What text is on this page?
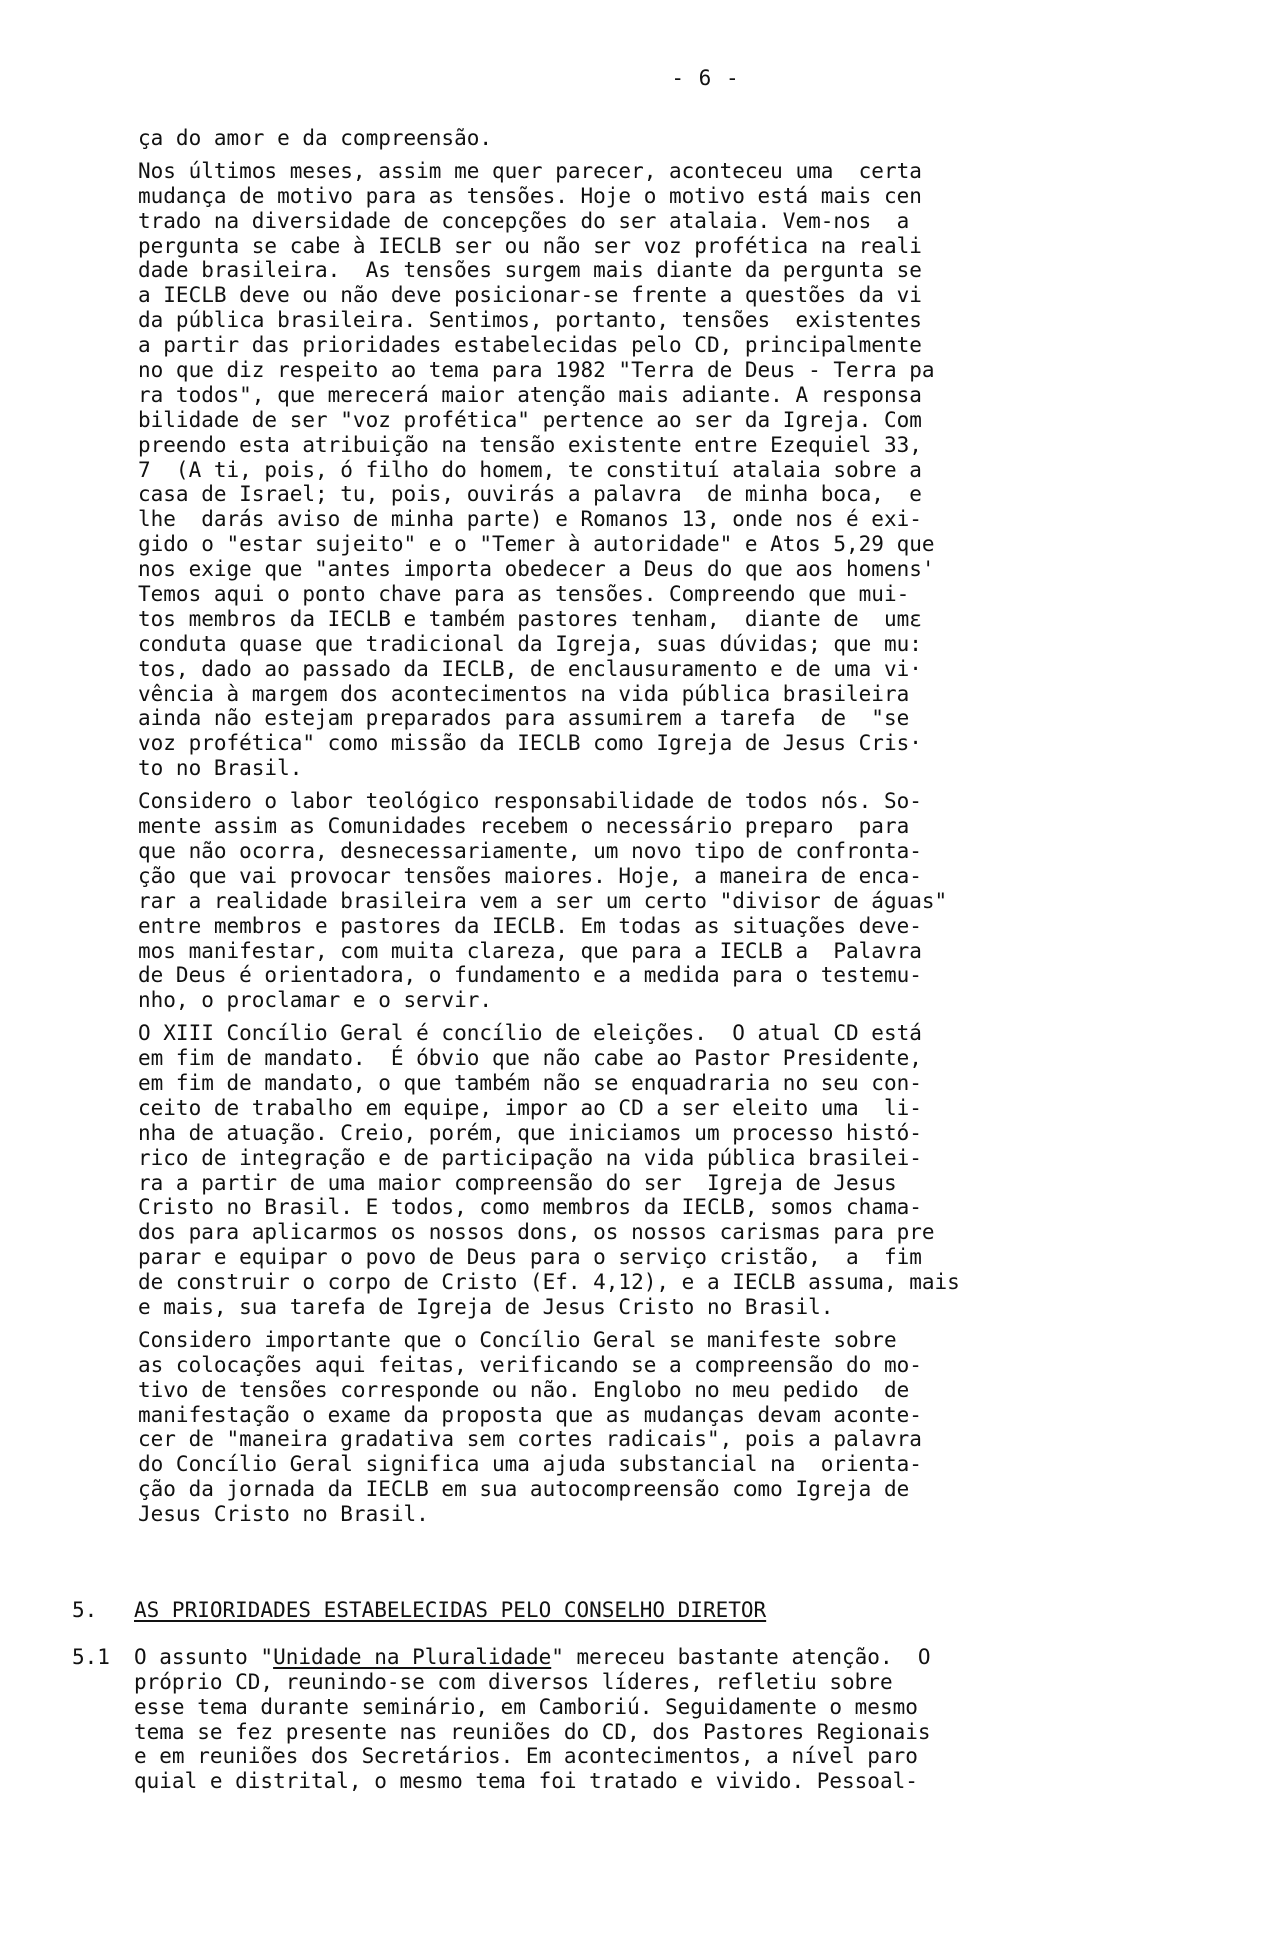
- 6 -
ça do amor e da compreensão.
Nos últimos meses, assim me quer parecer, aconteceu uma  certa
mudança de motivo para as tensões. Hoje o motivo está mais cen
trado na diversidade de concepções do ser atalaia. Vem-nos  a
pergunta se cabe à IECLB ser ou não ser voz profética na reali
dade brasileira.  As tensões surgem mais diante da pergunta se
a IECLB deve ou não deve posicionar-se frente a questões da vi
da pública brasileira. Sentimos, portanto, tensões  existentes
a partir das prioridades estabelecidas pelo CD, principalmente
no que diz respeito ao tema para 1982 "Terra de Deus - Terra pa
ra todos", que merecerá maior atenção mais adiante. A responsa
bilidade de ser "voz profética" pertence ao ser da Igreja. Com
preendo esta atribuição na tensão existente entre Ezequiel 33,
7  (A ti, pois, ó filho do homem, te constituí atalaia sobre a
casa de Israel; tu, pois, ouvirás a palavra  de minha boca,  e
lhe  darás aviso de minha parte) e Romanos 13, onde nos é exi-
gido o "estar sujeito" e o "Temer à autoridade" e Atos 5,29 que
nos exige que "antes importa obedecer a Deus do que aos homens'
Temos aqui o ponto chave para as tensões. Compreendo que mui-
tos membros da IECLB e também pastores tenham,  diante de  umε
conduta quase que tradicional da Igreja, suas dúvidas; que mu:
tos, dado ao passado da IECLB, de enclausuramento e de uma vi·
vência à margem dos acontecimentos na vida pública brasileira
ainda não estejam preparados para assumirem a tarefa  de  "se
voz profética" como missão da IECLB como Igreja de Jesus Cris·
to no Brasil.
Considero o labor teológico responsabilidade de todos nós. So-
mente assim as Comunidades recebem o necessário preparo  para
que não ocorra, desnecessariamente, um novo tipo de confronta-
ção que vai provocar tensões maiores. Hoje, a maneira de enca-
rar a realidade brasileira vem a ser um certo "divisor de águas"
entre membros e pastores da IECLB. Em todas as situações deve-
mos manifestar, com muita clareza, que para a IECLB a  Palavra
de Deus é orientadora, o fundamento e a medida para o testemu-
nho, o proclamar e o servir.
O XIII Concílio Geral é concílio de eleições.  O atual CD está
em fim de mandato.  É óbvio que não cabe ao Pastor Presidente,
em fim de mandato, o que também não se enquadraria no seu con-
ceito de trabalho em equipe, impor ao CD a ser eleito uma  li-
nha de atuação. Creio, porém, que iniciamos um processo histó-
rico de integração e de participação na vida pública brasilei-
ra a partir de uma maior compreensão do ser  Igreja de Jesus
Cristo no Brasil. E todos, como membros da IECLB, somos chama-
dos para aplicarmos os nossos dons, os nossos carismas para pre
parar e equipar o povo de Deus para o serviço cristão,  a  fim
de construir o corpo de Cristo (Ef. 4,12), e a IECLB assuma, mais
e mais, sua tarefa de Igreja de Jesus Cristo no Brasil.
Considero importante que o Concílio Geral se manifeste sobre
as colocações aqui feitas, verificando se a compreensão do mo-
tivo de tensões corresponde ou não. Englobo no meu pedido  de
manifestação o exame da proposta que as mudanças devam aconte-
cer de "maneira gradativa sem cortes radicais", pois a palavra
do Concílio Geral significa uma ajuda substancial na  orienta-
ção da jornada da IECLB em sua autocompreensão como Igreja de
Jesus Cristo no Brasil.
5.	AS PRIORIDADES ESTABELECIDAS PELO CONSELHO DIRETOR
5.1	O assunto "Unidade na Pluralidade" mereceu bastante atenção.  O
próprio CD, reunindo-se com diversos líderes, refletiu sobre
esse tema durante seminário, em Camboriú. Seguidamente o mesmo
tema se fez presente nas reuniões do CD, dos Pastores Regionais
e em reuniões dos Secretários. Em acontecimentos, a nível paro
quial e distrital, o mesmo tema foi tratado e vivido. Pessoal-
